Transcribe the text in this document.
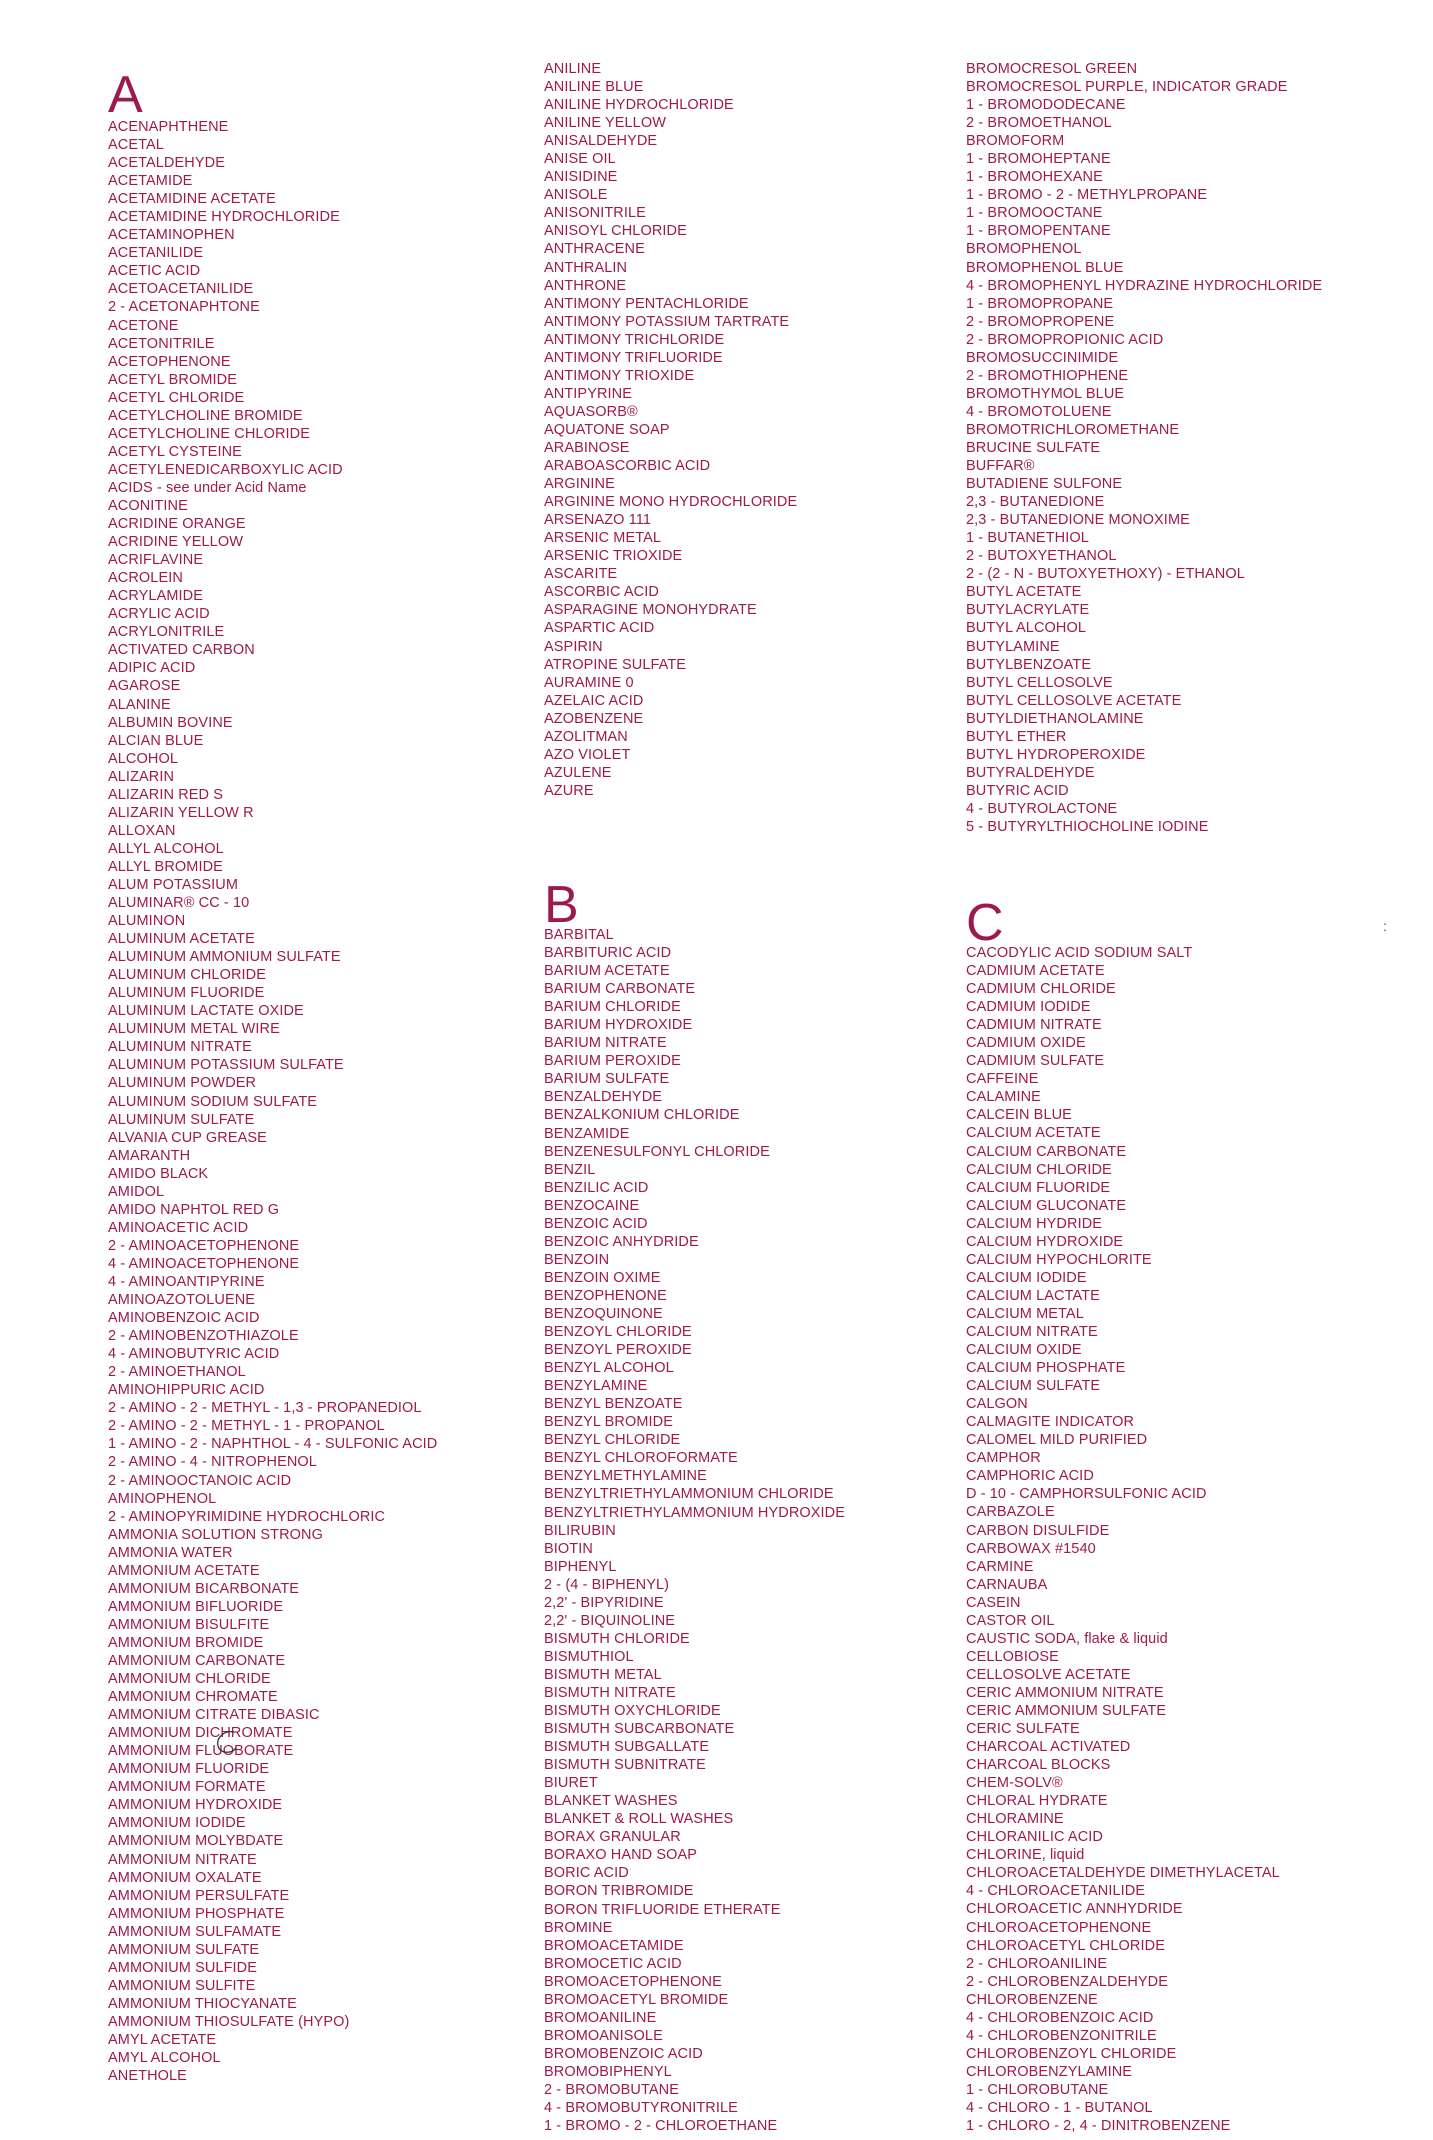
A
ACENAPHTHENE
ACETAL
ACETALDEHYDE
ACETAMIDE
ACETAMIDINE ACETATE
ACETAMIDINE HYDROCHLORIDE
ACETAMINOPHEN
ACETANILIDE
ACETIC ACID
ACETOACETANILIDE
2 - ACETONAPHTONE
ACETONE
ACETONITRILE
ACETOPHENONE
ACETYL BROMIDE
ACETYL CHLORIDE
ACETYLCHOLINE BROMIDE
ACETYLCHOLINE CHLORIDE
ACETYL CYSTEINE
ACETYLENEDICARBOXYLIC ACID
ACIDS - see under Acid Name
ACONITINE
ACRIDINE ORANGE
ACRIDINE YELLOW
ACRIFLAVINE
ACROLEIN
ACRYLAMIDE
ACRYLIC ACID
ACRYLONITRILE
ACTIVATED CARBON
ADIPIC ACID
AGAROSE
ALANINE
ALBUMIN BOVINE
ALCIAN BLUE
ALCOHOL
ALIZARIN
ALIZARIN RED S
ALIZARIN YELLOW R
ALLOXAN
ALLYL ALCOHOL
ALLYL BROMIDE
ALUM POTASSIUM
ALUMINAR® CC - 10
ALUMINON
ALUMINUM ACETATE
ALUMINUM AMMONIUM SULFATE
ALUMINUM CHLORIDE
ALUMINUM FLUORIDE
ALUMINUM LACTATE OXIDE
ALUMINUM METAL WIRE
ALUMINUM NITRATE
ALUMINUM POTASSIUM SULFATE
ALUMINUM POWDER
ALUMINUM SODIUM SULFATE
ALUMINUM SULFATE
ALVANIA CUP GREASE
AMARANTH
AMIDO BLACK
AMIDOL
AMIDO NAPHTOL RED G
AMINOACETIC ACID
2 - AMINOACETOPHENONE
4 - AMINOACETOPHENONE
4 - AMINOANTIPYRINE
AMINOAZOTOLUENE
AMINOBENZOIC ACID
2 - AMINOBENZOTHIAZOLE
4 - AMINOBUTYRIC ACID
2 - AMINOETHANOL
AMINOHIPPURIC ACID
2 - AMINO - 2 - METHYL - 1,3 - PROPANEDIOL
2 - AMINO - 2 - METHYL - 1 - PROPANOL
1 - AMINO - 2 - NAPHTHOL - 4 - SULFONIC ACID
2 - AMINO - 4 - NITROPHENOL
2 - AMINOOCTANOIC ACID
AMINOPHENOL
2 - AMINOPYRIMIDINE HYDROCHLORIC
AMMONIA SOLUTION STRONG
AMMONIA WATER
AMMONIUM ACETATE
AMMONIUM BICARBONATE
AMMONIUM BIFLUORIDE
AMMONIUM BISULFITE
AMMONIUM BROMIDE
AMMONIUM CARBONATE
AMMONIUM CHLORIDE
AMMONIUM CHROMATE
AMMONIUM CITRATE DIBASIC
AMMONIUM DICHROMATE
AMMONIUM FLUOBORATE
AMMONIUM FLUORIDE
AMMONIUM FORMATE
AMMONIUM HYDROXIDE
AMMONIUM IODIDE
AMMONIUM MOLYBDATE
AMMONIUM NITRATE
AMMONIUM OXALATE
AMMONIUM PERSULFATE
AMMONIUM PHOSPHATE
AMMONIUM SULFAMATE
AMMONIUM SULFATE
AMMONIUM SULFIDE
AMMONIUM SULFITE
AMMONIUM THIOCYANATE
AMMONIUM THIOSULFATE (HYPO)
AMYL ACETATE
AMYL ALCOHOL
ANETHOLE
ANILINE
ANILINE BLUE
ANILINE HYDROCHLORIDE
ANILINE YELLOW
ANISALDEHYDE
ANISE OIL
ANISIDINE
ANISOLE
ANISONITRILE
ANISOYL CHLORIDE
ANTHRACENE
ANTHRALIN
ANTHRONE
ANTIMONY PENTACHLORIDE
ANTIMONY POTASSIUM TARTRATE
ANTIMONY TRICHLORIDE
ANTIMONY TRIFLUORIDE
ANTIMONY TRIOXIDE
ANTIPYRINE
AQUASORB®
AQUATONE SOAP
ARABINOSE
ARABOASCORBIC ACID
ARGININE
ARGININE MONO HYDROCHLORIDE
ARSENAZO 111
ARSENIC METAL
ARSENIC TRIOXIDE
ASCARITE
ASCORBIC ACID
ASPARAGINE MONOHYDRATE
ASPARTIC ACID
ASPIRIN
ATROPINE SULFATE
AURAMINE 0
AZELAIC ACID
AZOBENZENE
AZOLITMAN
AZO VIOLET
AZULENE
AZURE
B
BARBITAL
BARBITURIC ACID
BARIUM ACETATE
BARIUM CARBONATE
BARIUM CHLORIDE
BARIUM HYDROXIDE
BARIUM NITRATE
BARIUM PEROXIDE
BARIUM SULFATE
BENZALDEHYDE
BENZALKONIUM CHLORIDE
BENZAMIDE
BENZENESULFONYL CHLORIDE
BENZIL
BENZILIC ACID
BENZOCAINE
BENZOIC ACID
BENZOIC ANHYDRIDE
BENZOIN
BENZOIN OXIME
BENZOPHENONE
BENZOQUINONE
BENZOYL CHLORIDE
BENZOYL PEROXIDE
BENZYL ALCOHOL
BENZYLAMINE
BENZYL BENZOATE
BENZYL BROMIDE
BENZYL CHLORIDE
BENZYL CHLOROFORMATE
BENZYLMETHYLAMINE
BENZYLTRIETHYLAMMONIUM CHLORIDE
BENZYLTRIETHYLAMMONIUM HYDROXIDE
BILIRUBIN
BIOTIN
BIPHENYL
2 - (4 - BIPHENYL)
2,2' - BIPYRIDINE
2,2' - BIQUINOLINE
BISMUTH CHLORIDE
BISMUTHIOL
BISMUTH METAL
BISMUTH NITRATE
BISMUTH OXYCHLORIDE
BISMUTH SUBCARBONATE
BISMUTH SUBGALLATE
BISMUTH SUBNITRATE
BIURET
BLANKET WASHES
BLANKET & ROLL WASHES
BORAX GRANULAR
BORAXO HAND SOAP
BORIC ACID
BORON TRIBROMIDE
BORON TRIFLUORIDE ETHERATE
BROMINE
BROMOACETAMIDE
BROMOCETIC ACID
BROMOACETOPHENONE
BROMOACETYL BROMIDE
BROMOANILINE
BROMOANISOLE
BROMOBENZOIC ACID
BROMOBIPHENYL
2 - BROMOBUTANE
4 - BROMOBUTYRONITRILE
1 - BROMO - 2 - CHLOROETHANE
BROMOCRESOL GREEN
BROMOCRESOL PURPLE, INDICATOR GRADE
1 - BROMODODECANE
2 - BROMOETHANOL
BROMOFORM
1 - BROMOHEPTANE
1 - BROMOHEXANE
1 - BROMO - 2 - METHYLPROPANE
1 - BROMOOCTANE
1 - BROMOPENTANE
BROMOPHENOL
BROMOPHENOL BLUE
4 - BROMOPHENYL HYDRAZINE HYDROCHLORIDE
1 - BROMOPROPANE
2 - BROMOPROPENE
2 - BROMOPROPIONIC ACID
BROMOSUCCINIMIDE
2 - BROMOTHIOPHENE
BROMOTHYMOL BLUE
4 - BROMOTOLUENE
BROMOTRICHLOROMETHANE
BRUCINE SULFATE
BUFFAR®
BUTADIENE SULFONE
2,3 - BUTANEDIONE
2,3 - BUTANEDIONE MONOXIME
1 - BUTANETHIOL
2 - BUTOXYETHANOL
2 - (2 - N - BUTOXYETHOXY) - ETHANOL
BUTYL ACETATE
BUTYLACRYLATE
BUTYL ALCOHOL
BUTYLAMINE
BUTYLBENZOATE
BUTYL CELLOSOLVE
BUTYL CELLOSOLVE ACETATE
BUTYLDIETHANOLAMINE
BUTYL ETHER
BUTYL HYDROPEROXIDE
BUTYRALDEHYDE
BUTYRIC ACID
4 - BUTYROLACTONE
5 - BUTYRYLTHIOCHOLINE IODINE
C
CACODYLIC ACID SODIUM SALT
CADMIUM ACETATE
CADMIUM CHLORIDE
CADMIUM IODIDE
CADMIUM NITRATE
CADMIUM OXIDE
CADMIUM SULFATE
CAFFEINE
CALAMINE
CALCEIN BLUE
CALCIUM ACETATE
CALCIUM CARBONATE
CALCIUM CHLORIDE
CALCIUM FLUORIDE
CALCIUM GLUCONATE
CALCIUM HYDRIDE
CALCIUM HYDROXIDE
CALCIUM HYPOCHLORITE
CALCIUM IODIDE
CALCIUM LACTATE
CALCIUM METAL
CALCIUM NITRATE
CALCIUM OXIDE
CALCIUM PHOSPHATE
CALCIUM SULFATE
CALGON
CALMAGITE INDICATOR
CALOMEL MILD PURIFIED
CAMPHOR
CAMPHORIC ACID
D - 10 - CAMPHORSULFONIC ACID
CARBAZOLE
CARBON DISULFIDE
CARBOWAX #1540
CARMINE
CARNAUBA
CASEIN
CASTOR OIL
CAUSTIC SODA, flake & liquid
CELLOBIOSE
CELLOSOLVE ACETATE
CERIC AMMONIUM NITRATE
CERIC AMMONIUM SULFATE
CERIC SULFATE
CHARCOAL ACTIVATED
CHARCOAL BLOCKS
CHEM-SOLV®
CHLORAL HYDRATE
CHLORAMINE
CHLORANILIC ACID
CHLORINE, liquid
CHLOROACETALDEHYDE DIMETHYLACETAL
4 - CHLOROACETANILIDE
CHLOROACETIC ANNHYDRIDE
CHLOROACETOPHENONE
CHLOROACETYL CHLORIDE
2 - CHLOROANILINE
2 - CHLOROBENZALDEHYDE
CHLOROBENZENE
4 - CHLOROBENZOIC ACID
4 - CHLOROBENZONITRILE
CHLOROBENZOYL CHLORIDE
CHLOROBENZYLAMINE
1 - CHLOROBUTANE
4 - CHLORO - 1 - BUTANOL
1 - CHLORO - 2, 4 - DINITROBENZENE
:
